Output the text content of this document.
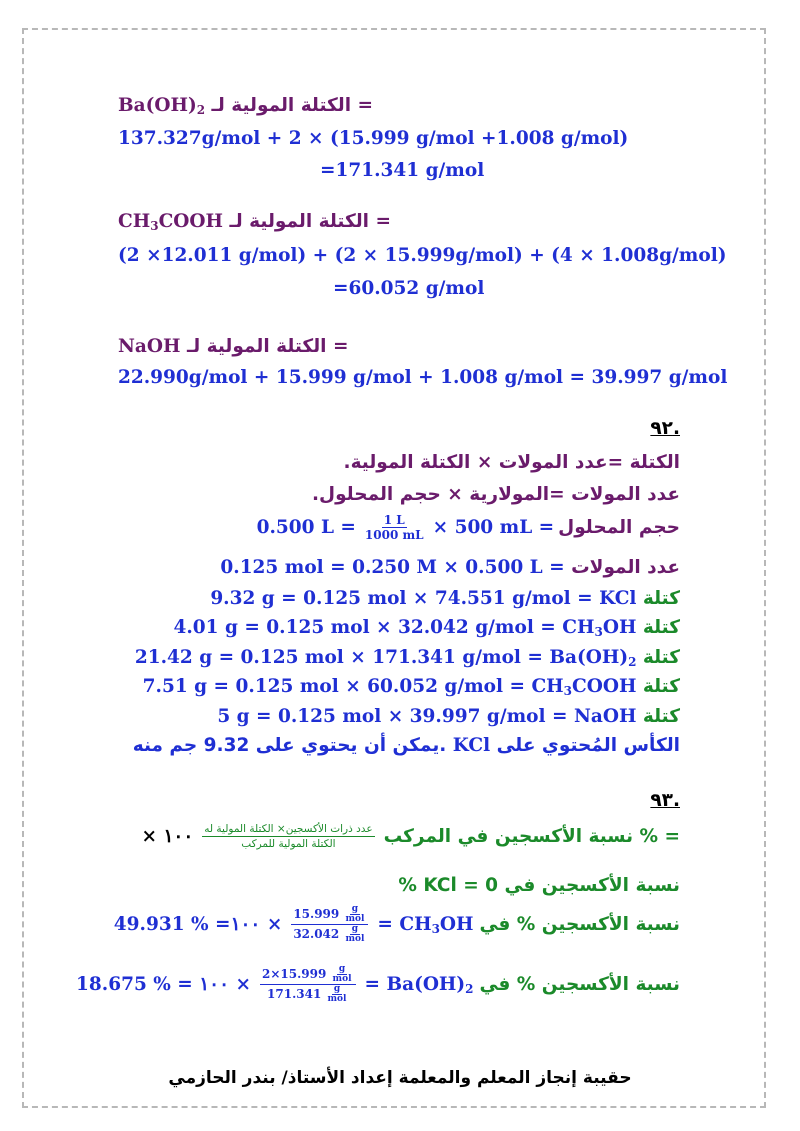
$Ba(OH)_2$ الكتلة المولية لـ =
137.327g/mol + 2 × (15.999 g/mol +1.008 g/mol)
=171.341 g/mol
$CH_3COOH$ الكتلة المولية لـ =
(2 ×12.011 g/mol) + (2 × 15.999g/mol) + (4 × 1.008g/mol)
=60.052 g/mol
NaOH الكتلة المولية لـ =
22.990g/mol + 15.999 g/mol + 1.008 g/mol = 39.997 g/mol
٩٢.
الكتلة =عدد المولات × الكتلة المولية.
عدد المولات =المولارية × حجم المحلول.
0.500 $L = \frac{1 L}{1000 mL} \times 500$ mL = حجم المحلول
0.125 mol = 0.250 M × 0.500 L = عدد المولات
9.32 g = 0.125 mol × 74.551 g/mol = KCl كتلة
4.01 g = 0.125 mol × 32.042 $g/mol = CH_3OH$ كتلة
21.42 g = 0.125 mol × 171.341 $g/mol = Ba(OH)_2$ كتلة
7.51 g = 0.125 mol × 60.052 $g/mol = CH_3COOH$ كتلة
5 g = 0.125 mol × 39.997 g/mol = NaOH كتلة
يمكن أن يحتوي على 9.32 جم منه. KCl الكأس المُحتوي على
٩٣.
× ١٠٠ $\frac{\text{عدد ذرات الأكسجين× الكتلة المولية له}}{\text{الكتلة المولية للمركب}}$ نسبة الأكسجين في المركب % =
نسبة الأكسجين في KCl = 0 %
49.931 % =١٠٠ × $\frac{15.999 \frac{g}{\text{mol}}}{32.042 \frac{g}{\text{mol}}} = CH_3OH$ نسبة الأكسجين % في
18.675 % = ١٠٠ × $\frac{2\times 15.999 \frac{g}{\text{mol}}}{171.341 \frac{g}{\text{mol}}} = Ba(OH)_2$ نسبة الأكسجين % في
حقيبة إنجاز المعلم والمعلمة إعداد الأستاذ/ بندر الحازمي
